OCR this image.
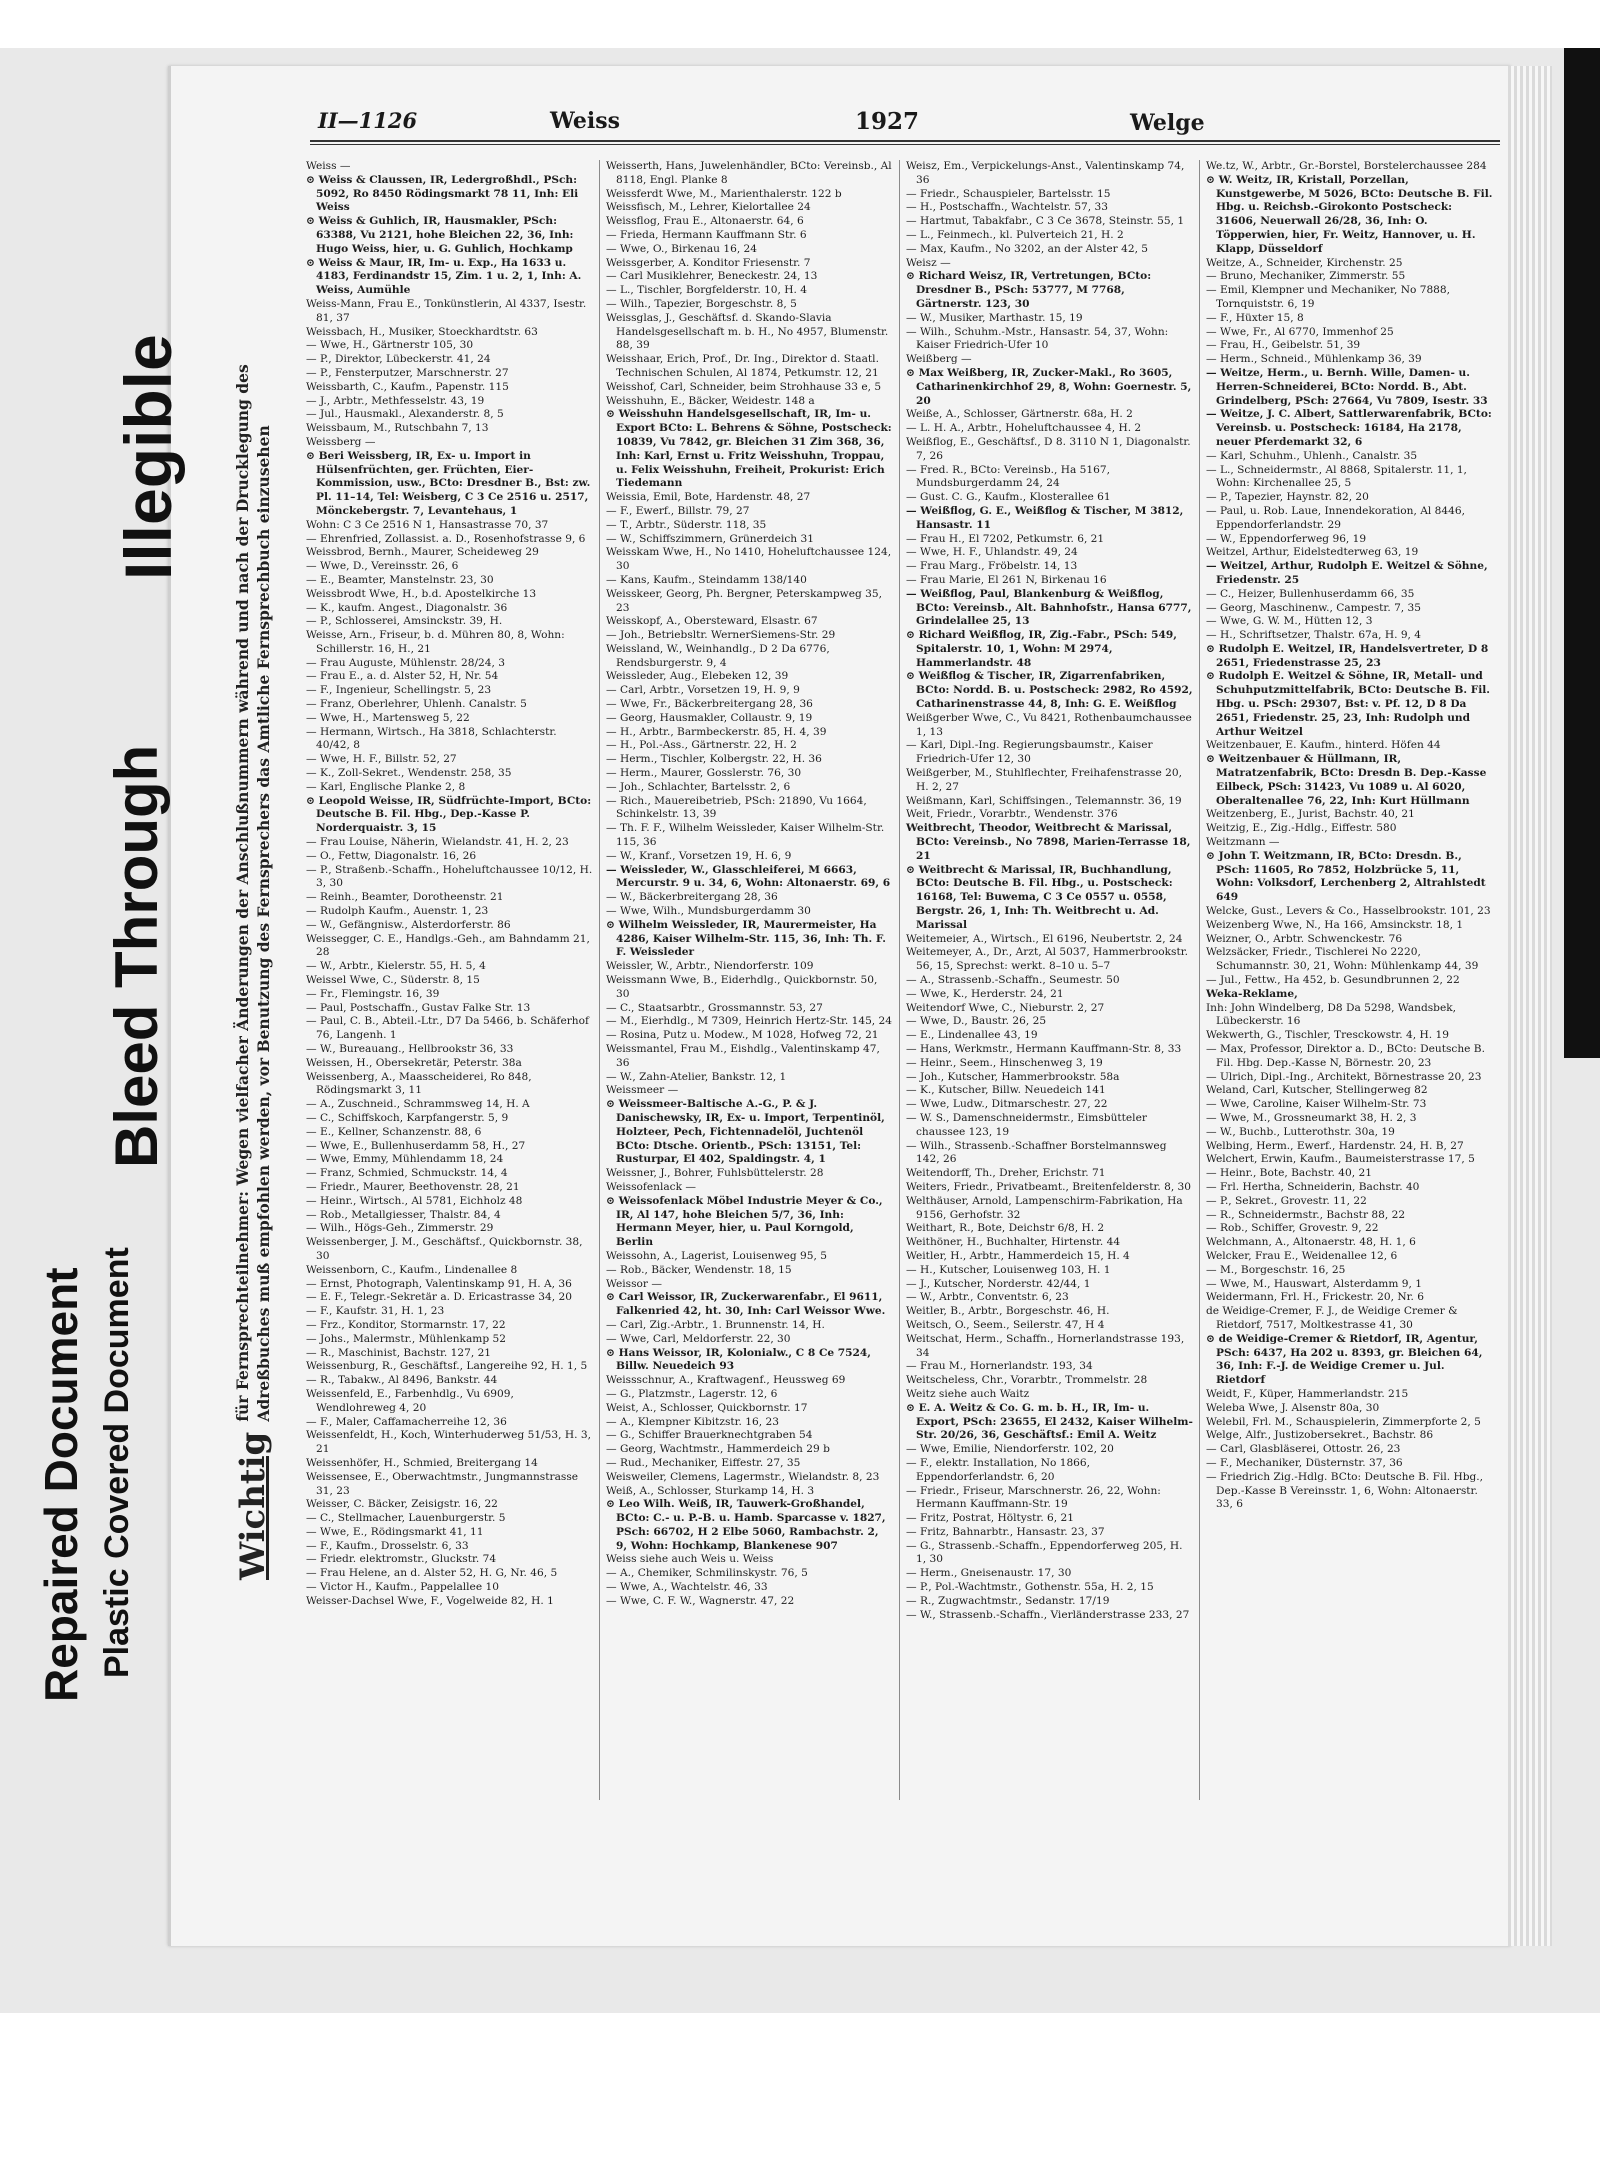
Repaired Document Plastic Covered Document
Bleed Through
Illegible
Wichtig
für Fernsprechteilnehmer: Wegen vielfacher Änderungen der Anschlußnummern während und nach der Drucklegung des Adreßbuches muß empfohlen werden, vor Benutzung des Fernsprechers das Amtliche Fernsprechbuch einzusehen
II—1126	Weiss	1927	Welge

Weiss —

⊙ Weiss & Claussen, IR, Ledergroßhdl., PSch: 5092, Ro 8450 Rödingsmarkt 78 11, Inh: Eli Weiss

⊙ Weiss & Guhlich, IR, Hausmakler, PSch: 63388, Vu 2121, hohe Bleichen 22, 36, Inh: Hugo Weiss, hier, u. G. Guhlich, Hochkamp

⊙ Weiss & Maur, IR, Im- u. Exp., Ha 1633 u. 4183, Ferdinandstr 15, Zim. 1 u. 2, 1, Inh: A. Weiss, Aumühle

Weiss-Mann, Frau E., Tonkünstlerin, Al 4337, Isestr. 81, 37

Weissbach, H., Musiker, Stoeckhardtstr. 63

— Wwe, H., Gärtnerstr 105, 30

— P., Direktor, Lübeckerstr. 41, 24

— P., Fensterputzer, Marschnerstr. 27

Weissbarth, C., Kaufm., Papenstr. 115

— J., Arbtr., Methfesselstr. 43, 19

— Jul., Hausmakl., Alexanderstr. 8, 5

Weissbaum, M., Rutschbahn 7, 13

Weissberg —

⊙ Beri Weissberg, IR, Ex- u. Import in Hülsenfrüchten, ger. Früchten, Eier-Kommission, usw., BCto: Dresdner B., Bst: zw. Pl. 11–14, Tel: Weisberg, C 3 Ce 2516 u. 2517, Mönckebergstr. 7, Levantehaus, 1

Wohn: C 3 Ce 2516 N 1, Hansastrasse 70, 37

— Ehrenfried, Zollassist. a. D., Rosenhofstrasse 9, 6

Weissbrod, Bernh., Maurer, Scheideweg 29

— Wwe, D., Vereinsstr. 26, 6

— E., Beamter, Manstelnstr. 23, 30

Weissbrodt Wwe, H., b.d. Apostelkirche 13

— K., kaufm. Angest., Diagonalstr. 36

— P., Schlosserei, Amsinckstr. 39, H.

Weisse, Arn., Friseur, b. d. Mühren 80, 8, Wohn: Schillerstr. 16, H., 21

— Frau Auguste, Mühlenstr. 28/24, 3

— Frau E., a. d. Alster 52, H, Nr. 54

— F., Ingenieur, Schellingstr. 5, 23

— Franz, Oberlehrer, Uhlenh. Canalstr. 5

— Wwe, H., Martensweg 5, 22

— Hermann, Wirtsch., Ha 3818, Schlachterstr. 40/42, 8

— Wwe, H. F., Billstr. 52, 27

— K., Zoll-Sekret., Wendenstr. 258, 35

— Karl, Englische Planke 2, 8

⊙ Leopold Weisse, IR, Südfrüchte-Import, BCto: Deutsche B. Fil. Hbg., Dep.-Kasse P. Norderquaistr. 3, 15

— Frau Louise, Näherin, Wielandstr. 41, H. 2, 23

— O., Fettw, Diagonalstr. 16, 26

— P., Straßenb.-Schaffn., Hoheluftchaussee 10/12, H. 3, 30

— Reinh., Beamter, Dorotheenstr. 21

— Rudolph Kaufm., Auenstr. 1, 23

— W., Gefängnisw., Alsterdorferstr. 86

Weissegger, C. E., Handlgs.-Geh., am Bahndamm 21, 28

— W., Arbtr., Kielerstr. 55, H. 5, 4

Weissel Wwe, C., Süderstr. 8, 15

— Fr., Flemingstr. 16, 39

— Paul, Postschaffn., Gustav Falke Str. 13

— Paul, C. B., Abteil.-Ltr., D7 Da 5466, b. Schäferhof 76, Langenh. 1

— W., Bureauang., Hellbrookstr 36, 33

Weissen, H., Obersekretär, Peterstr. 38a

Weissenberg, A., Maasscheiderei, Ro 848, Rödingsmarkt 3, 11

— A., Zuschneid., Schrammsweg 14, H. A

— C., Schiffskoch, Karpfangerstr. 5, 9

— E., Kellner, Schanzenstr. 88, 6

— Wwe, E., Bullenhuserdamm 58, H., 27

— Wwe, Emmy, Mühlendamm 18, 24

— Franz, Schmied, Schmuckstr. 14, 4

— Friedr., Maurer, Beethovenstr. 28, 21

— Heinr., Wirtsch., Al 5781, Eichholz 48

— Rob., Metallgiesser, Thalstr. 84, 4

— Wilh., Högs-Geh., Zimmerstr. 29

Weissenberger, J. M., Geschäftsf., Quickbornstr. 38, 30

Weissenborn, C., Kaufm., Lindenallee 8

— Ernst, Photograph, Valentinskamp 91, H. A, 36

— E. F., Telegr.-Sekretär a. D. Ericastrasse 34, 20

— F., Kaufstr. 31, H. 1, 23

— Frz., Konditor, Stormarnstr. 17, 22

— Johs., Malermstr., Mühlenkamp 52

— R., Maschinist, Bachstr. 127, 21

Weissenburg, R., Geschäftsf., Langereihe 92, H. 1, 5

— R., Tabakw., Al 8496, Bankstr. 44

Weissenfeld, E., Farbenhdlg., Vu 6909, Wendlohreweg 4, 20

— F., Maler, Caffamacherreihe 12, 36

Weissenfeldt, H., Koch, Winterhuderweg 51/53, H. 3, 21

Weissenhöfer, H., Schmied, Breitergang 14

Weissensee, E., Oberwachtmstr., Jungmannstrasse 31, 23

Weisser, C. Bäcker, Zeisigstr. 16, 22

— C., Stellmacher, Lauenburgerstr. 5

— Wwe, E., Rödingsmarkt 41, 11

— F., Kaufm., Drosselstr. 6, 33

— Friedr. elektromstr., Gluckstr. 74

— Frau Helene, an d. Alster 52, H. G, Nr. 46, 5

— Victor H., Kaufm., Pappelallee 10

Weisser-Dachsel Wwe, F., Vogelweide 82, H. 1

Weisserth, Hans, Juwelenhändler, BCto: Vereinsb., Al 8118, Engl. Planke 8

Weissferdt Wwe, M., Marienthalerstr. 122 b

Weissfisch, M., Lehrer, Kielortallee 24

Weissflog, Frau E., Altonaerstr. 64, 6

— Frieda, Hermann Kauffmann Str. 6

— Wwe, O., Birkenau 16, 24

Weissgerber, A. Konditor Friesenstr. 7

— Carl Musiklehrer, Beneckestr. 24, 13

— L., Tischler, Borgfelderstr. 10, H. 4

— Wilh., Tapezier, Borgeschstr. 8, 5

Weissglas, J., Geschäftsf. d. Skando-Slavia Handelsgesellschaft m. b. H., No 4957, Blumenstr. 88, 39

Weisshaar, Erich, Prof., Dr. Ing., Direktor d. Staatl. Technischen Schulen, Al 1874, Petkumstr. 12, 21

Weisshof, Carl, Schneider, beim Strohhause 33 e, 5

Weisshuhn, E., Bäcker, Weidestr. 148 a

⊙ Weisshuhn Handelsgesellschaft, IR, Im- u. Export BCto: L. Behrens & Söhne, Postscheck: 10839, Vu 7842, gr. Bleichen 31 Zim 368, 36, Inh: Karl, Ernst u. Fritz Weisshuhn, Troppau, u. Felix Weisshuhn, Freiheit, Prokurist: Erich Tiedemann

Weissia, Emil, Bote, Hardenstr. 48, 27

— F., Ewerf., Billstr. 79, 27

— T., Arbtr., Süderstr. 118, 35

— W., Schiffszimmern, Grünerdeich 31

Weisskam Wwe, H., No 1410, Hoheluftchaussee 124, 30

— Kans, Kaufm., Steindamm 138/140

Weisskeer, Georg, Ph. Bergner, Peterskampweg 35, 23

Weisskopf, A., Obersteward, Elsastr. 67

— Joh., Betriebsltr. WernerSiemens-Str. 29

Weissland, W., Weinhandlg., D 2 Da 6776, Rendsburgerstr. 9, 4

Weissleder, Aug., Elebeken 12, 39

— Carl, Arbtr., Vorsetzen 19, H. 9, 9

— Wwe, Fr., Bäckerbreitergang 28, 36

— Georg, Hausmakler, Collaustr. 9, 19

— H., Arbtr., Barmbeckerstr. 85, H. 4, 39

— H., Pol.-Ass., Gärtnerstr. 22, H. 2

— Herm., Tischler, Kolbergstr. 22, H. 36

— Herm., Maurer, Gosslerstr. 76, 30

— Joh., Schlachter, Bartelsstr. 2, 6

— Rich., Mauereibetrieb, PSch: 21890, Vu 1664, Schinkelstr. 13, 39

— Th. F. F., Wilhelm Weissleder, Kaiser Wilhelm-Str. 115, 36

— W., Kranf., Vorsetzen 19, H. 6, 9

— Weissleder, W., Glasschleiferei, M 6663, Mercurstr. 9 u. 34, 6, Wohn: Altonaerstr. 69, 6

— W., Bäckerbreitergang 28, 36

— Wwe, Wilh., Mundsburgerdamm 30

⊙ Wilhelm Weissleder, IR, Maurermeister, Ha 4286, Kaiser Wilhelm-Str. 115, 36, Inh: Th. F. F. Weissleder

Weissler, W., Arbtr., Niendorferstr. 109

Weissmann Wwe, B., Eiderhdlg., Quickbornstr. 50, 30

— C., Staatsarbtr., Grossmannstr. 53, 27

— M., Eierhdlg., M 7309, Heinrich Hertz-Str. 145, 24

— Rosina, Putz u. Modew., M 1028, Hofweg 72, 21

Weissmantel, Frau M., Eishdlg., Valentinskamp 47, 36

— W., Zahn-Atelier, Bankstr. 12, 1

Weissmeer —

⊙ Weissmeer-Baltische A.-G., P. & J. Danischewsky, IR, Ex- u. Import, Terpentinöl, Holzteer, Pech, Fichtennadelöl, Juchtenöl BCto: Dtsche. Orientb., PSch: 13151, Tel: Rusturpar, El 402, Spaldingstr. 4, 1

Weissner, J., Bohrer, Fuhlsbüttelerstr. 28

Weissofenlack —

⊙ Weissofenlack Möbel Industrie Meyer & Co., IR, Al 147, hohe Bleichen 5/7, 36, Inh: Hermann Meyer, hier, u. Paul Korngold, Berlin

Weissohn, A., Lagerist, Louisenweg 95, 5

— Rob., Bäcker, Wendenstr. 18, 15

Weissor —

⊙ Carl Weissor, IR, Zuckerwarenfabr., El 9611, Falkenried 42, ht. 30, Inh: Carl Weissor Wwe.

— Carl, Zig.-Arbtr., 1. Brunnenstr. 14, H.

— Wwe, Carl, Meldorferstr. 22, 30

⊙ Hans Weissor, IR, Kolonialw., C 8 Ce 7524, Billw. Neuedeich 93

Weissschnur, A., Kraftwagenf., Heussweg 69

— G., Platzmstr., Lagerstr. 12, 6

Weist, A., Schlosser, Quickbornstr. 17

— A., Klempner Kibitzstr. 16, 23

— G., Schiffer Brauerknechtgraben 54

— Georg, Wachtmstr., Hammerdeich 29 b

— Rud., Mechaniker, Eiffestr. 27, 35

Weisweiler, Clemens, Lagermstr., Wielandstr. 8, 23

Weiß, A., Schlosser, Sturkamp 14, H. 3

⊙ Leo Wilh. Weiß, IR, Tauwerk-Großhandel, BCto: C.- u. P.-B. u. Hamb. Sparcasse v. 1827, PSch: 66702, H 2 Elbe 5060, Rambachstr. 2, 9, Wohn: Hochkamp, Blankenese 907

Weiss siehe auch Weis u. Weiss

— A., Chemiker, Schmilinskystr. 76, 5

— Wwe, A., Wachtelstr. 46, 33

— Wwe, C. F. W., Wagnerstr. 47, 22

Weisz, Em., Verpickelungs-Anst., Valentinskamp 74, 36

— Friedr., Schauspieler, Bartelsstr. 15

— H., Postschaffn., Wachtelstr. 57, 33

— Hartmut, Tabakfabr., C 3 Ce 3678, Steinstr. 55, 1

— L., Feinmech., kl. Pulverteich 21, H. 2

— Max, Kaufm., No 3202, an der Alster 42, 5

Weisz —

⊙ Richard Weisz, IR, Vertretungen, BCto: Dresdner B., PSch: 53777, M 7768, Gärtnerstr. 123, 30

— W., Musiker, Marthastr. 15, 19

— Wilh., Schuhm.-Mstr., Hansastr. 54, 37, Wohn: Kaiser Friedrich-Ufer 10

Weißberg —

⊙ Max Weißberg, IR, Zucker-Makl., Ro 3605, Catharinenkirchhof 29, 8, Wohn: Goernestr. 5, 20

Weiße, A., Schlosser, Gärtnerstr. 68a, H. 2

— L. H. A., Arbtr., Hoheluftchaussee 4, H. 2

Weißflog, E., Geschäftsf., D 8. 3110 N 1, Diagonalstr. 7, 26

— Fred. R., BCto: Vereinsb., Ha 5167, Mundsburgerdamm 24, 24

— Gust. C. G., Kaufm., Klosterallee 61

— Weißflog, G. E., Weißflog & Tischer, M 3812, Hansastr. 11

— Frau H., El 7202, Petkumstr. 6, 21

— Wwe, H. F., Uhlandstr. 49, 24

— Frau Marg., Fröbelstr. 14, 13

— Frau Marie, El 261 N, Birkenau 16

— Weißflog, Paul, Blankenburg & Weißflog, BCto: Vereinsb., Alt. Bahnhofstr., Hansa 6777, Grindelallee 25, 13

⊙ Richard Weißflog, IR, Zig.-Fabr., PSch: 549, Spitalerstr. 10, 1, Wohn: M 2974, Hammerlandstr. 48

⊙ Weißflog & Tischer, IR, Zigarrenfabriken, BCto: Nordd. B. u. Postscheck: 2982, Ro 4592, Catharinenstrasse 44, 8, Inh: G. E. Weißflog

Weißgerber Wwe, C., Vu 8421, Rothenbaumchaussee 1, 13

— Karl, Dipl.-Ing. Regierungsbaumstr., Kaiser Friedrich-Ufer 12, 30

Weißgerber, M., Stuhlflechter, Freihafenstrasse 20, H. 2, 27

Weißmann, Karl, Schiffsingen., Telemannstr. 36, 19

Weit, Friedr., Vorarbtr., Wendenstr. 376

Weitbrecht, Theodor, Weitbrecht & Marissal, BCto: Vereinsb., No 7898, Marien-Terrasse 18, 21

⊙ Weitbrecht & Marissal, IR, Buchhandlung, BCto: Deutsche B. Fil. Hbg., u. Postscheck: 16168, Tel: Buwema, C 3 Ce 0557 u. 0558, Bergstr. 26, 1, Inh: Th. Weitbrecht u. Ad. Marissal

Weitemeier, A., Wirtsch., El 6196, Neubertstr. 2, 24

Weitemeyer, A., Dr., Arzt, Al 5037, Hammerbrookstr. 56, 15, Sprechst: werkt. 8–10 u. 5–7

— A., Strassenb.-Schaffn., Seumestr. 50

— Wwe, K., Herderstr. 24, 21

Weitendorf Wwe, C., Nieburstr. 2, 27

— Wwe, D., Baustr. 26, 25

— E., Lindenallee 43, 19

— Hans, Werkmstr., Hermann Kauffmann-Str. 8, 33

— Heinr., Seem., Hinschenweg 3, 19

— Joh., Kutscher, Hammerbrookstr. 58a

— K., Kutscher, Billw. Neuedeich 141

— Wwe, Ludw., Ditmarschestr. 27, 22

— W. S., Damenschneidermstr., Eimsbütteler chaussee 123, 19

— Wilh., Strassenb.-Schaffner Borstelmannsweg 142, 26

Weitendorff, Th., Dreher, Erichstr. 71

Weiters, Friedr., Privatbeamt., Breitenfelderstr. 8, 30

Welthäuser, Arnold, Lampenschirm-Fabrikation, Ha 9156, Gerhofstr. 32

Weithart, R., Bote, Deichstr 6/8, H. 2

Weithöner, H., Buchhalter, Hirtenstr. 44

Weitler, H., Arbtr., Hammerdeich 15, H. 4

— H., Kutscher, Louisenweg 103, H. 1

— J., Kutscher, Norderstr. 42/44, 1

— W., Arbtr., Conventstr. 6, 23

Weitler, B., Arbtr., Borgeschstr. 46, H.

Weitsch, O., Seem., Seilerstr. 47, H 4

Weitschat, Herm., Schaffn., Hornerlandstrasse 193, 34

— Frau M., Hornerlandstr. 193, 34

Weitscheless, Chr., Vorarbtr., Trommelstr. 28

Weitz siehe auch Waitz

⊙ E. A. Weitz & Co. G. m. b. H., IR, Im- u. Export, PSch: 23655, El 2432, Kaiser Wilhelm-Str. 20/26, 36, Geschäftsf.: Emil A. Weitz

— Wwe, Emilie, Niendorferstr. 102, 20

— F., elektr. Installation, No 1866, Eppendorferlandstr. 6, 20

— Friedr., Friseur, Marschnerstr. 26, 22, Wohn: Hermann Kauffmann-Str. 19

— Fritz, Postrat, Höltystr. 6, 21

— Fritz, Bahnarbtr., Hansastr. 23, 37

— G., Strassenb.-Schaffn., Eppendorferweg 205, H. 1, 30

— Herm., Gneisenaustr. 17, 30

— P., Pol.-Wachtmstr., Gothenstr. 55a, H. 2, 15

— R., Zugwachtmstr., Sedanstr. 17/19

— W., Strassenb.-Schaffn., Vierländerstrasse 233, 27

We.tz, W., Arbtr., Gr.-Borstel, Borstelerchaussee 284

⊙ W. Weitz, IR, Kristall, Porzellan, Kunstgewerbe, M 5026, BCto: Deutsche B. Fil. Hbg. u. Reichsb.-Girokonto Postscheck: 31606, Neuerwall 26/28, 36, Inh: O. Töpperwien, hier, Fr. Weitz, Hannover, u. H. Klapp, Düsseldorf

Weitze, A., Schneider, Kirchenstr. 25

— Bruno, Mechaniker, Zimmerstr. 55

— Emil, Klempner und Mechaniker, No 7888, Tornquiststr. 6, 19

— F., Hüxter 15, 8

— Wwe, Fr., Al 6770, Immenhof 25

— Frau, H., Geibelstr. 51, 39

— Herm., Schneid., Mühlenkamp 36, 39

— Weitze, Herm., u. Bernh. Wille, Damen- u. Herren-Schneiderei, BCto: Nordd. B., Abt. Grindelberg, PSch: 27664, Vu 7809, Isestr. 33

— Weitze, J. C. Albert, Sattlerwarenfabrik, BCto: Vereinsb. u. Postscheck: 16184, Ha 2178, neuer Pferdemarkt 32, 6

— Karl, Schuhm., Uhlenh., Canalstr. 35

— L., Schneidermstr., Al 8868, Spitalerstr. 11, 1, Wohn: Kirchenallee 25, 5

— P., Tapezier, Haynstr. 82, 20

— Paul, u. Rob. Laue, Innendekoration, Al 8446, Eppendorferlandstr. 29

— W., Eppendorferweg 96, 19

Weitzel, Arthur, Eidelstedterweg 63, 19

— Weitzel, Arthur, Rudolph E. Weitzel & Söhne, Friedenstr. 25

— C., Heizer, Bullenhuserdamm 66, 35

— Georg, Maschinenw., Campestr. 7, 35

— Wwe, G. W. M., Hütten 12, 3

— H., Schriftsetzer, Thalstr. 67a, H. 9, 4

⊙ Rudolph E. Weitzel, IR, Handelsvertreter, D 8 2651, Friedenstrasse 25, 23

⊙ Rudolph E. Weitzel & Söhne, IR, Metall- und Schuhputzmittelfabrik, BCto: Deutsche B. Fil. Hbg. u. PSch: 29307, Bst: v. Pf. 12, D 8 Da 2651, Friedenstr. 25, 23, Inh: Rudolph und Arthur Weitzel

Weitzenbauer, E. Kaufm., hinterd. Höfen 44

⊙ Weitzenbauer & Hüllmann, IR, Matratzenfabrik, BCto: Dresdn B. Dep.-Kasse Eilbeck, PSch: 31423, Vu 1089 u. Al 6020, Oberaltenallee 76, 22, Inh: Kurt Hüllmann

Weitzenberg, E., Jurist, Bachstr. 40, 21

Weitzig, E., Zig.-Hdlg., Eiffestr. 580

Weitzmann —

⊙ John T. Weitzmann, IR, BCto: Dresdn. B., PSch: 11605, Ro 7852, Holzbrücke 5, 11, Wohn: Volksdorf, Lerchenberg 2, Altrahlstedt 649

Welcke, Gust., Levers & Co., Hasselbrookstr. 101, 23

Weizenberg Wwe, N., Ha 166, Amsinckstr. 18, 1

Weizner, O., Arbtr. Schwenckestr. 76

Welzsäcker, Friedr., Tischlerei No 2220, Schumannstr. 30, 21, Wohn: Mühlenkamp 44, 39

— Jul., Fettw., Ha 452, b. Gesundbrunnen 2, 22

Weka-Reklame,

Inh: John Windelberg, D8 Da 5298, Wandsbek, Lübeckerstr. 16

Wekwerth, G., Tischler, Tresckowstr. 4, H. 19

— Max, Professor, Direktor a. D., BCto: Deutsche B. Fil. Hbg. Dep.-Kasse N, Börnestr. 20, 23

— Ulrich, Dipl.-Ing., Architekt, Börnestrasse 20, 23

Weland, Carl, Kutscher, Stellingerweg 82

— Wwe, Caroline, Kaiser Wilhelm-Str. 73

— Wwe, M., Grossneumarkt 38, H. 2, 3

— W., Buchb., Lutterothstr. 30a, 19

Welbing, Herm., Ewerf., Hardenstr. 24, H. B, 27

Welchert, Erwin, Kaufm., Baumeisterstrasse 17, 5

— Heinr., Bote, Bachstr. 40, 21

— Frl. Hertha, Schneiderin, Bachstr. 40

— P., Sekret., Grovestr. 11, 22

— R., Schneidermstr., Bachstr 88, 22

— Rob., Schiffer, Grovestr. 9, 22

Welchmann, A., Altonaerstr. 48, H. 1, 6

Welcker, Frau E., Weidenallee 12, 6

— M., Borgeschstr. 16, 25

— Wwe, M., Hauswart, Alsterdamm 9, 1

Weidermann, Frl. H., Frickestr. 20, Nr. 6

de Weidige-Cremer, F. J., de Weidige Cremer & Rietdorf, 7517, Moltkestrasse 41, 30

⊙ de Weidige-Cremer & Rietdorf, IR, Agentur, PSch: 6437, Ha 202 u. 8393, gr. Bleichen 64, 36, Inh: F.-J. de Weidige Cremer u. Jul. Rietdorf

Weidt, F., Küper, Hammerlandstr. 215

Weleba Wwe, J. Alsenstr 80a, 30

Welebil, Frl. M., Schauspielerin, Zimmerpforte 2, 5

Welge, Alfr., Justizobersekret., Bachstr. 86

— Carl, Glasbläserei, Ottostr. 26, 23

— F., Mechaniker, Düsternstr. 37, 36

— Friedrich Zig.-Hdlg. BCto: Deutsche B. Fil. Hbg., Dep.-Kasse B Vereinsstr. 1, 6, Wohn: Altonaerstr. 33, 6
